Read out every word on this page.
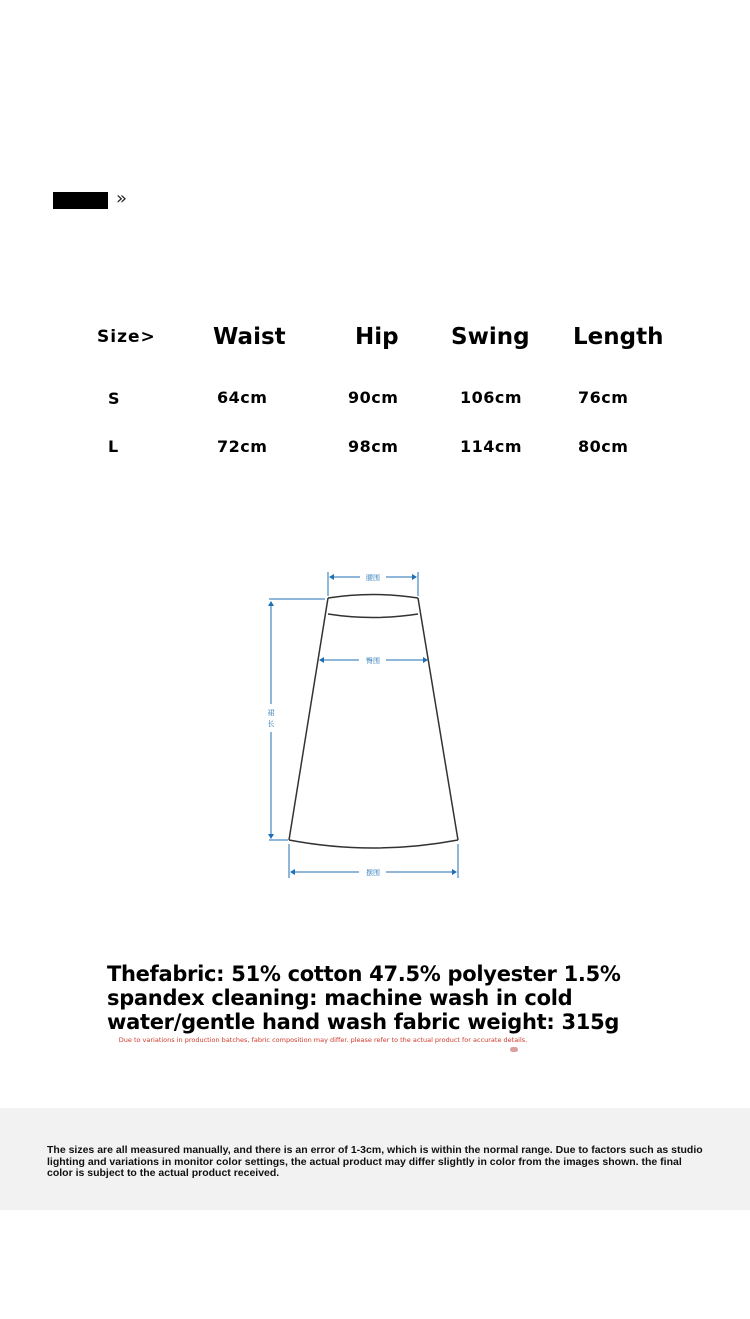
»
Size> Waist	Hip Swing Length
S	64cm	90cm	106cm	76cm
L	72cm	98cm	114cm	80cm
腰围
臀围
裙
长
摆围
Thefabric: 51% cotton 47.5% polyester 1.5% spandex cleaning: machine wash in cold water/gentle hand wash fabric weight: 315g
Due to variations in production batches, fabric composition may differ. please refer to the actual product for accurate details.
The sizes are all measured manually, and there is an error of 1-3cm, which is within the normal range. Due to factors such as studio lighting and variations in monitor color settings, the actual product may differ slightly in color from the images shown. the final color is subject to the actual product received.
